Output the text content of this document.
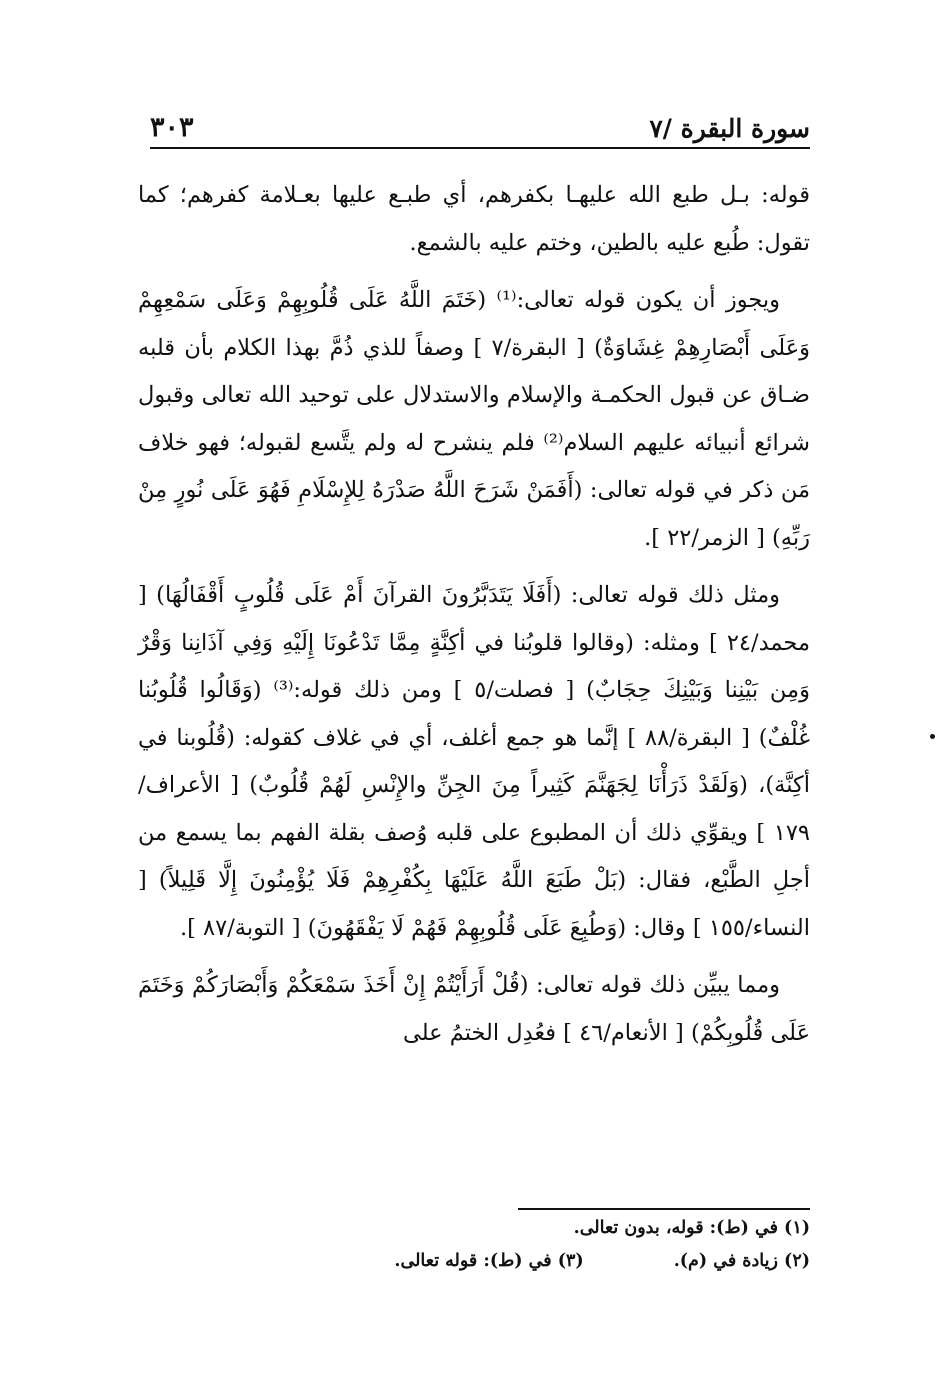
سورة البقرة /٧
٣٠٣

قوله: بـل طبع الله عليهـا بكفرهم، أي طبـع عليها بعـلامة كفرهم؛ كما تقول: طُبع عليه بالطين، وختم عليه بالشمع.

ويجوز أن يكون قوله تعالى:⁽¹⁾ (خَتَمَ اللَّهُ عَلَى قُلُوبِهِمْ وَعَلَى سَمْعِهِمْ وَعَلَى أَبْصَارِهِمْ غِشَاوَةٌ) [ البقرة/٧ ] وصفاً للذي ذُمَّ بهذا الكلام بأن قلبه ضـاق عن قبول الحكمـة والإسلام والاستدلال على توحيد الله تعالى وقبول شرائع أنبيائه عليهم السلام⁽²⁾ فلم ينشرح له ولم يتَّسع لقبوله؛ فهو خلاف مَن ذكر في قوله تعالى: (أَفَمَنْ شَرَحَ اللَّهُ صَدْرَهُ لِلإِسْلَامِ فَهُوَ عَلَى نُورٍ مِنْ رَبِّهِ) [ الزمر/٢٢ ].

ومثل ذلك قوله تعالى: (أَفَلَا يَتَدَبَّرُونَ القرآنَ أَمْ عَلَى قُلُوبٍ أَقْفَالُهَا) [ محمد/٢٤ ] ومثله: (وقالوا قلوبُنا في أكِنَّةٍ مِمَّا تَدْعُونَا إِلَيْهِ وَفِي آذَانِنا وَقْرٌ وَمِن بَيْنِنا وَبَيْنِكَ حِجَابٌ) [ فصلت/٥ ] ومن ذلك قوله:⁽³⁾ (وَقَالُوا قُلُوبُنا غُلْفٌ) [ البقرة/٨٨ ] إنَّما هو جمع أغلف، أي في غلاف كقوله: (قُلُوبنا في أكِنَّة)، (وَلَقَدْ ذَرَأْنَا لِجَهَنَّمَ كَثِيراً مِنَ الجِنِّ والإِنْسِ لَهُمْ قُلُوبٌ) [ الأعراف/١٧٩ ] ويقوِّي ذلك أن المطبوع على قلبه وُصف بقلة الفهم بما يسمع من أجلِ الطَّبْع، فقال: (بَلْ طَبَعَ اللَّهُ عَلَيْهَا بِكُفْرِهِمْ فَلَا يُؤْمِنُونَ إِلَّا قَلِيلاً) [ النساء/١٥٥ ] وقال: (وَطُبِعَ عَلَى قُلُوبِهِمْ فَهُمْ لَا يَفْقَهُونَ) [ التوبة/٨٧ ].

ومما يبيِّن ذلك قوله تعالى: (قُلْ أَرَأَيْتُمْ إِنْ أَخَذَ سَمْعَكُمْ وَأَبْصَارَكُمْ وَخَتَمَ عَلَى قُلُوبِكُمْ) [ الأنعام/٤٦ ] فعُدِل الختمُ على

(١) في (ط): قوله، بدون تعالى.
(٢) زيادة في (م).
(٣) في (ط): قوله تعالى.
